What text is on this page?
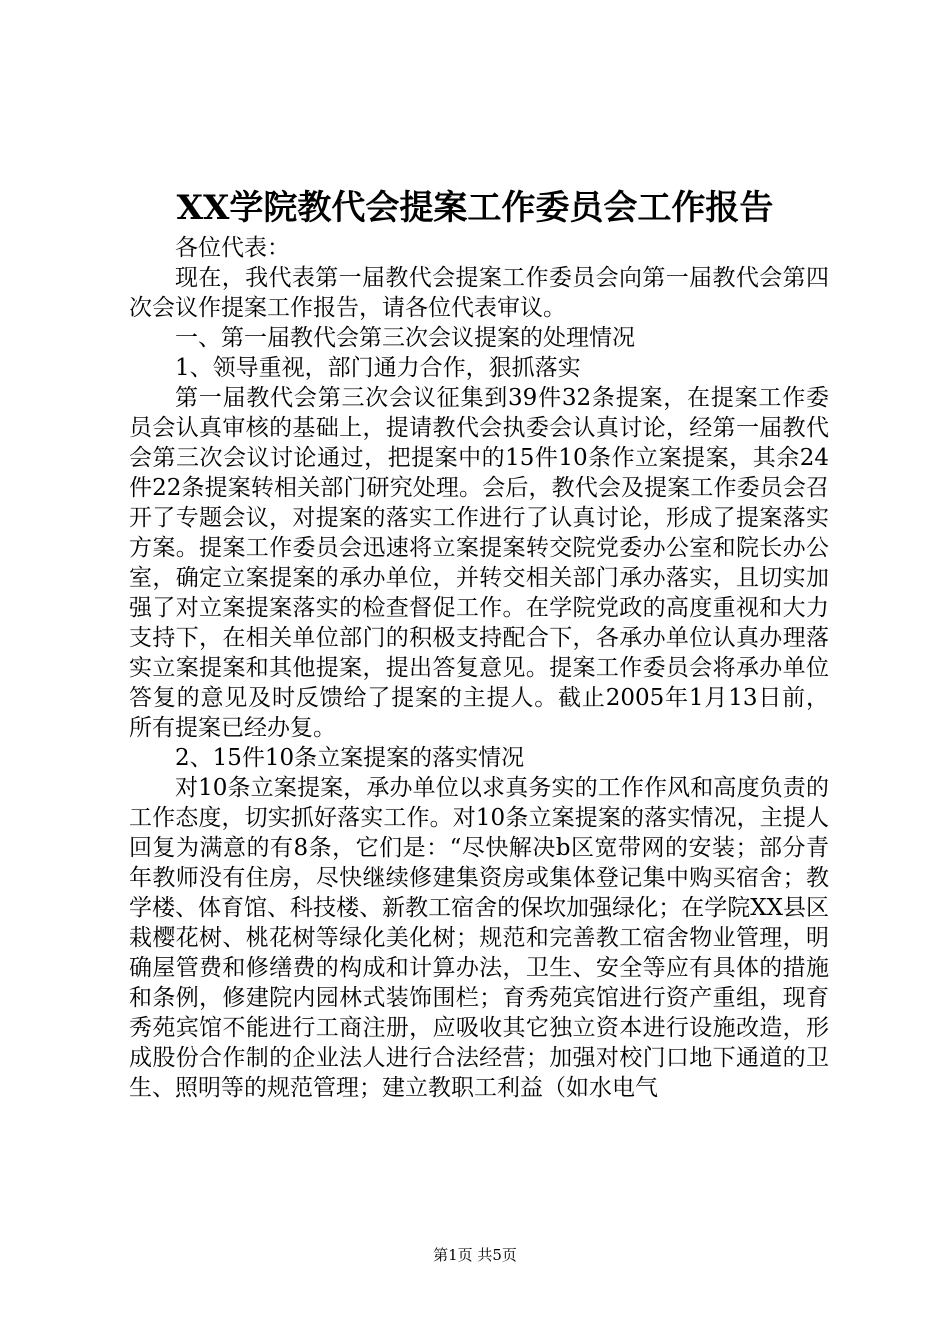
XX学院教代会提案工作委员会工作报告

各位代表：

现在，我代表第一届教代会提案工作委员会向第一届教代会第四次会议作提案工作报告，请各位代表审议。

一、第一届教代会第三次会议提案的处理情况

1、领导重视，部门通力合作，狠抓落实

第一届教代会第三次会议征集到39件32条提案，在提案工作委员会认真审核的基础上，提请教代会执委会认真讨论，经第一届教代会第三次会议讨论通过，把提案中的15件10条作立案提案，其余24件22条提案转相关部门研究处理。会后，教代会及提案工作委员会召开了专题会议，对提案的落实工作进行了认真讨论，形成了提案落实方案。提案工作委员会迅速将立案提案转交院党委办公室和院长办公室，确定立案提案的承办单位，并转交相关部门承办落实，且切实加强了对立案提案落实的检查督促工作。在学院党政的高度重视和大力支持下，在相关单位部门的积极支持配合下，各承办单位认真办理落实立案提案和其他提案，提出答复意见。提案工作委员会将承办单位答复的意见及时反馈给了提案的主提人。截止2005年1月13日前，所有提案已经办复。

2、15件10条立案提案的落实情况

对10条立案提案，承办单位以求真务实的工作作风和高度负责的工作态度，切实抓好落实工作。对10条立案提案的落实情况，主提人回复为满意的有8条，它们是：“尽快解决b区宽带网的安装；部分青年教师没有住房，尽快继续修建集资房或集体登记集中购买宿舍；教学楼、体育馆、科技楼、新教工宿舍的保坎加强绿化；在学院XX县区栽樱花树、桃花树等绿化美化树；规范和完善教工宿舍物业管理，明确屋管费和修缮费的构成和计算办法，卫生、安全等应有具体的措施和条例，修建院内园林式装饰围栏；育秀苑宾馆进行资产重组，现育秀苑宾馆不能进行工商注册，应吸收其它独立资本进行设施改造，形成股份合作制的企业法人进行合法经营；加强对校门口地下通道的卫生、照明等的规范管理；建立教职工利益（如水电气

第1页 共5页
